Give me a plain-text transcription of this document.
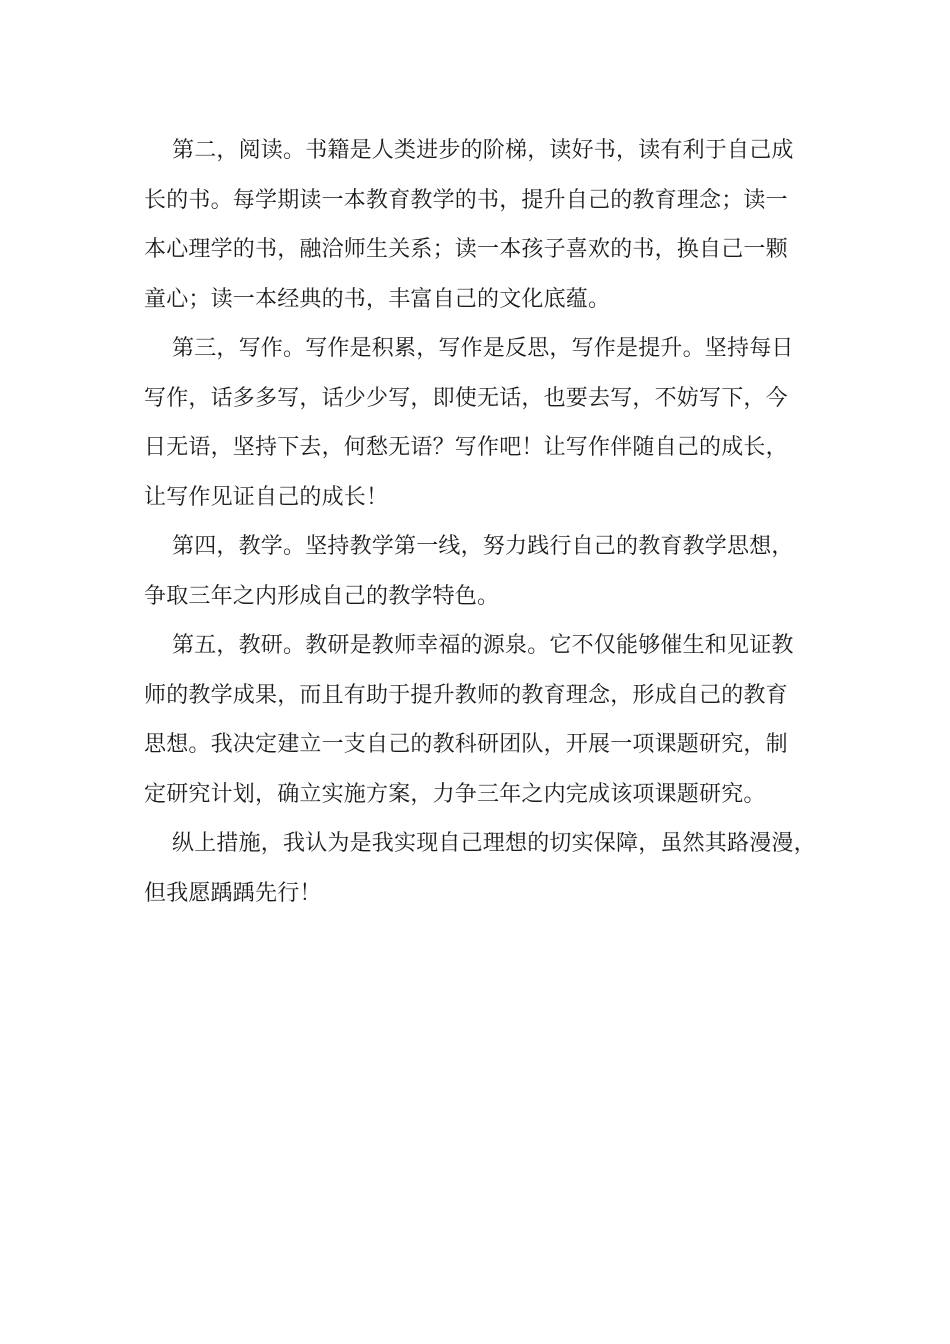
第二，阅读。书籍是人类进步的阶梯，读好书，读有利于自己成
长的书。每学期读一本教育教学的书，提升自己的教育理念；读一
本心理学的书，融洽师生关系；读一本孩子喜欢的书，换自己一颗
童心；读一本经典的书，丰富自己的文化底蕴。
第三，写作。写作是积累，写作是反思，写作是提升。坚持每日
写作，话多多写，话少少写，即使无话，也要去写，不妨写下，今
日无语，坚持下去，何愁无语？写作吧！让写作伴随自己的成长，
让写作见证自己的成长！
第四，教学。坚持教学第一线，努力践行自己的教育教学思想，
争取三年之内形成自己的教学特色。
第五，教研。教研是教师幸福的源泉。它不仅能够催生和见证教
师的教学成果，而且有助于提升教师的教育理念，形成自己的教育
思想。我决定建立一支自己的教科研团队，开展一项课题研究，制
定研究计划，确立实施方案，力争三年之内完成该项课题研究。
纵上措施，我认为是我实现自己理想的切实保障，虽然其路漫漫，
但我愿踽踽先行！
